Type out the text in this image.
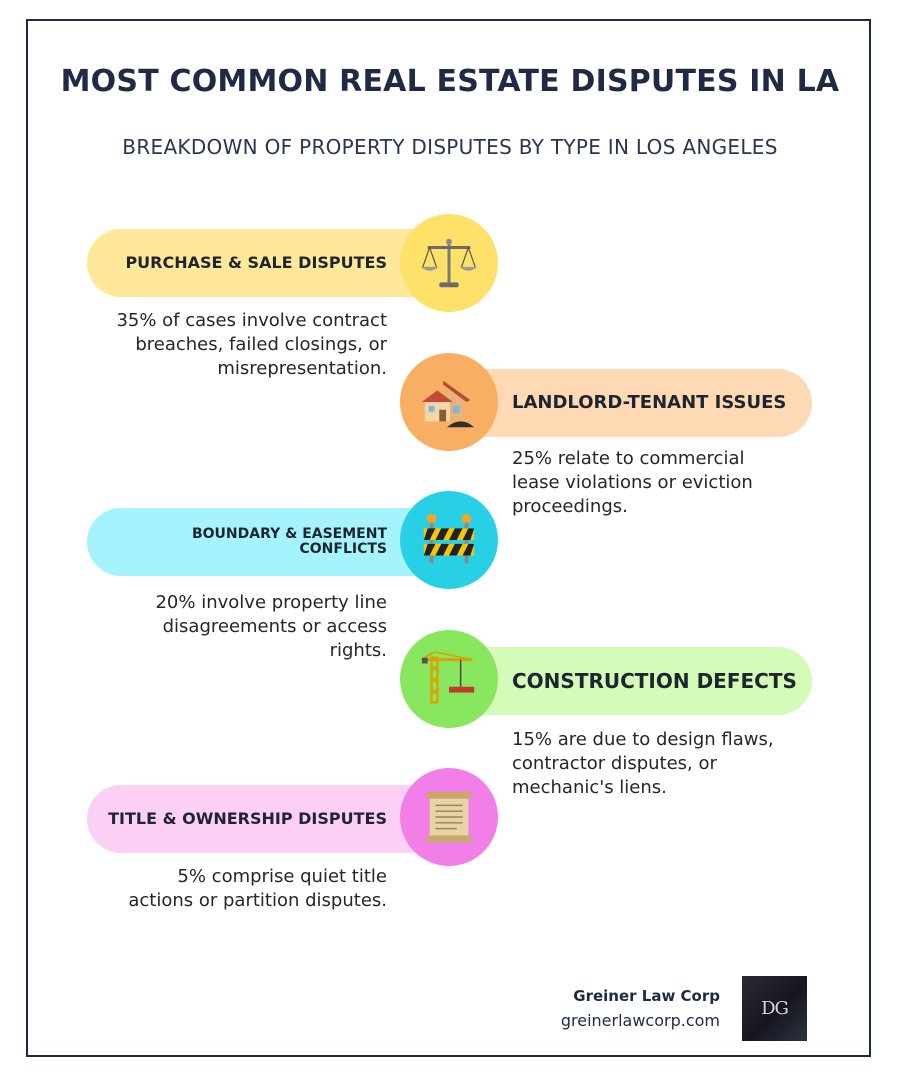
MOST COMMON REAL ESTATE DISPUTES IN LA

BREAKDOWN OF PROPERTY DISPUTES BY TYPE IN LOS ANGELES

PURCHASE & SALE DISPUTES

35% of cases involve contract
breaches, failed closings, or
misrepresentation.

LANDLORD-TENANT ISSUES

25% relate to commercial
lease violations or eviction
proceedings.

BOUNDARY & EASEMENT
CONFLICTS

20% involve property line
disagreements or access
rights.

CONSTRUCTION DEFECTS

15% are due to design flaws,
contractor disputes, or
mechanic's liens.

TITLE & OWNERSHIP DISPUTES

5% comprise quiet title
actions or partition disputes.

Greiner Law Corp

greinerlawcorp.com

DG
